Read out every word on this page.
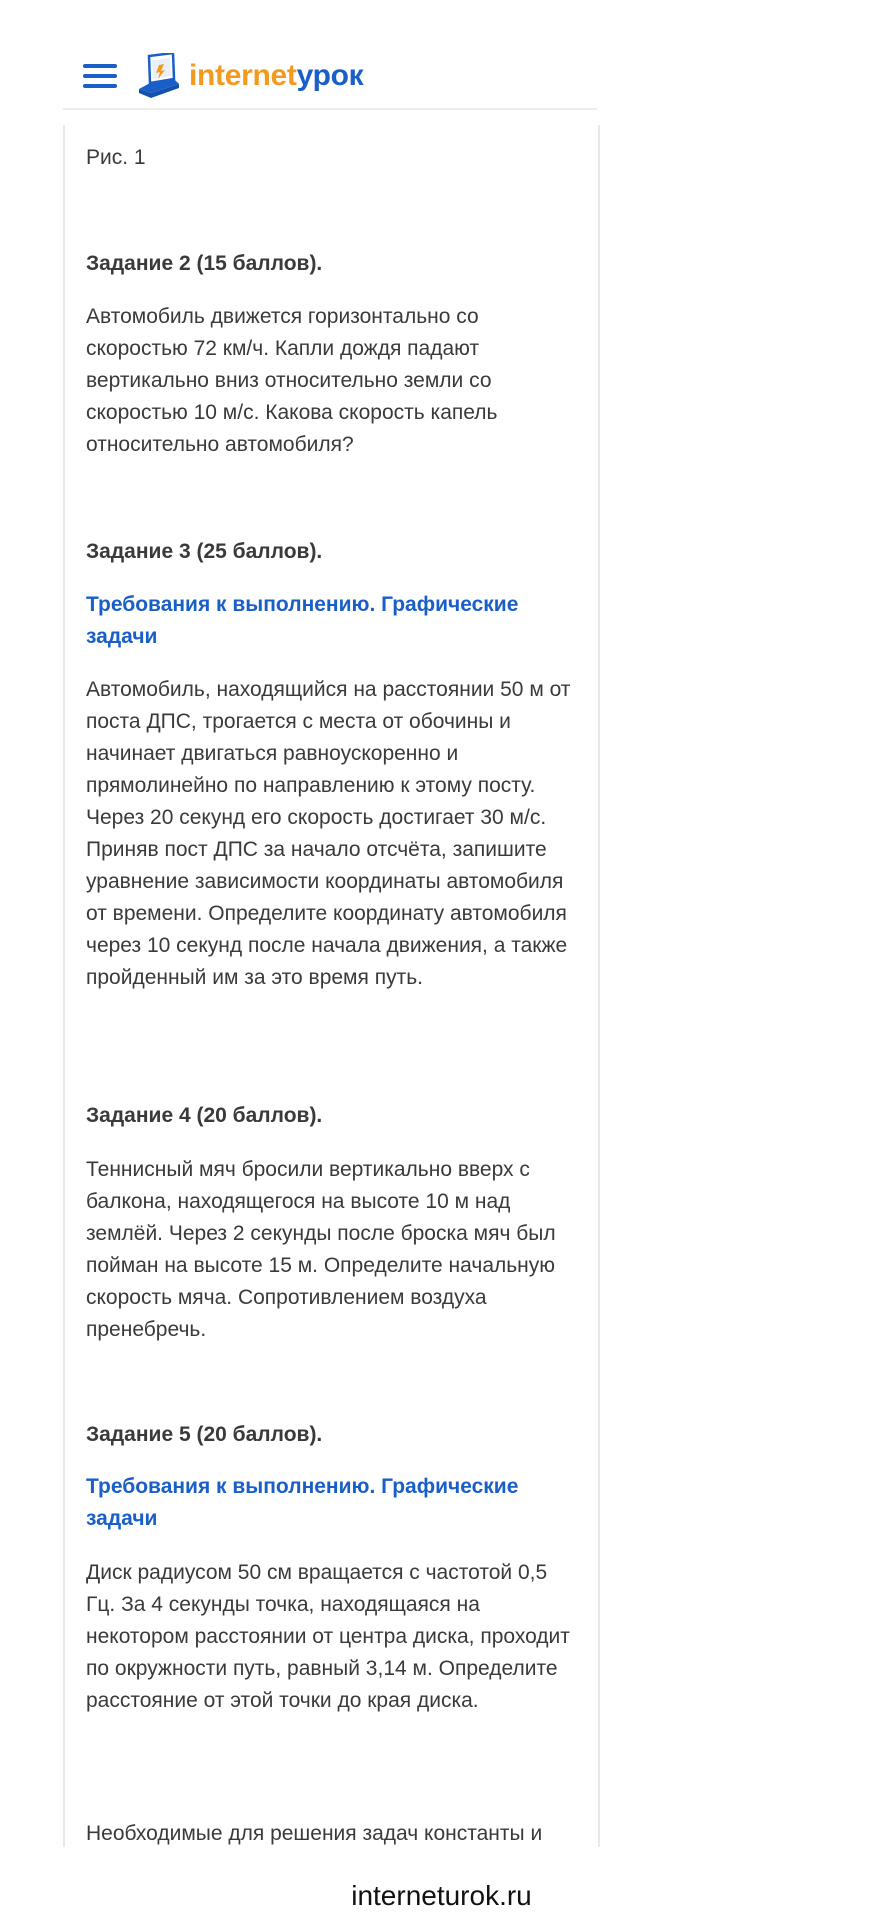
internetурок
Рис. 1
Задание 2 (15 баллов).

Автомобиль движется горизонтально со скоростью 72 км/ч. Капли дождя падают вертикально вниз относительно земли со скоростью 10 м/с. Какова скорость капель относительно автомобиля?

Задание 3 (25 баллов).
Требования к выполнению. Графические задачи

Автомобиль, находящийся на расстоянии 50 м от поста ДПС, трогается с места от обочины и начинает двигаться равноускоренно и прямолинейно по направлению к этому посту. Через 20 секунд его скорость достигает 30 м/с. Приняв пост ДПС за начало отсчёта, запишите уравнение зависимости координаты автомобиля от времени. Определите координату автомобиля через 10 секунд после начала движения, а также пройденный им за это время путь.

Задание 4 (20 баллов).

Теннисный мяч бросили вертикально вверх с балкона, находящегося на высоте 10 м над землёй. Через 2 секунды после броска мяч был пойман на высоте 15 м. Определите начальную скорость мяча. Сопротивлением воздуха пренебречь.

Задание 5 (20 баллов).
Требования к выполнению. Графические задачи

Диск радиусом 50 см вращается с частотой 0,5 Гц. За 4 секунды точка, находящаяся на некотором расстоянии от центра диска, проходит по окружности путь, равный 3,14 м. Определите расстояние от этой точки до края диска.

Необходимые для решения задач константы и

interneturok.ru
